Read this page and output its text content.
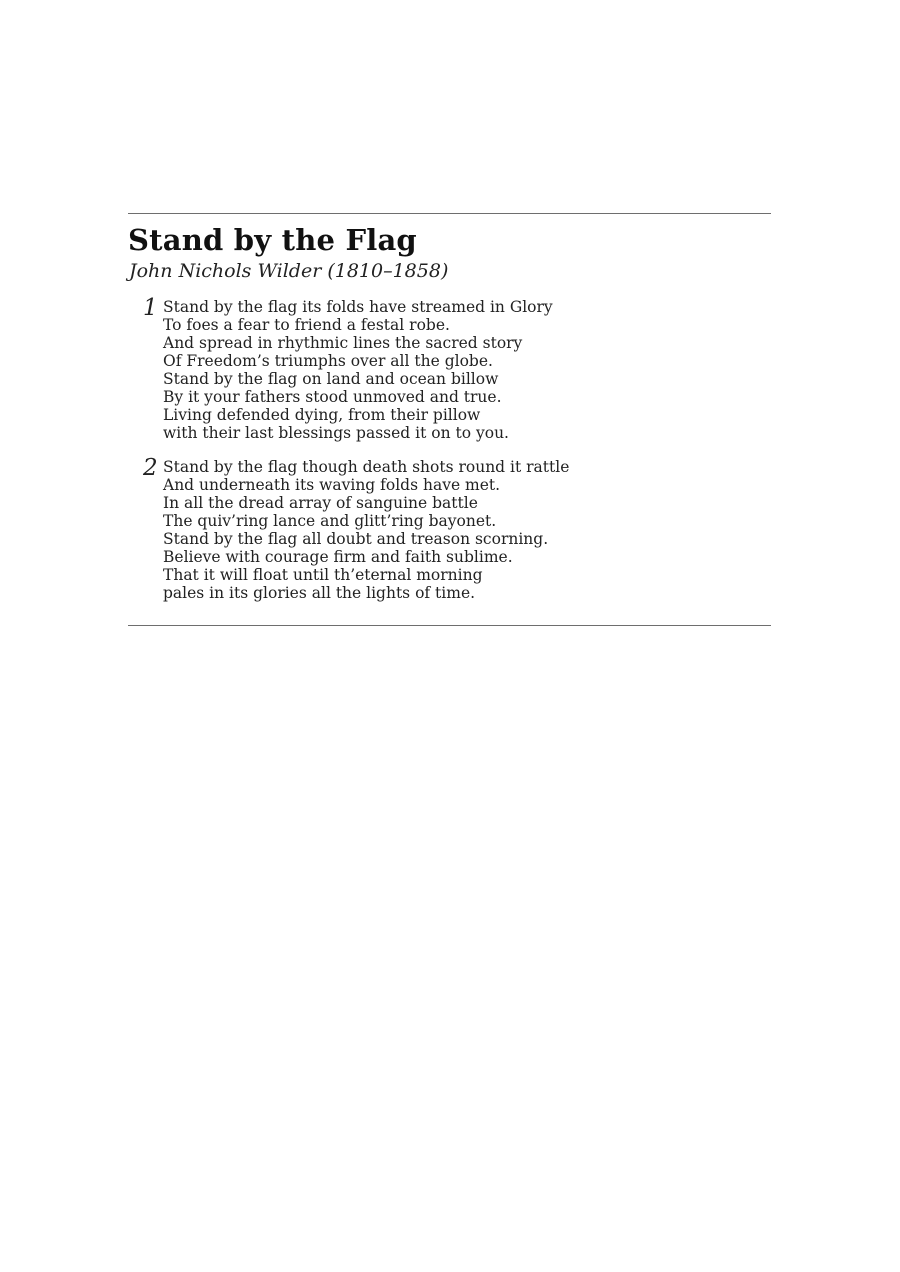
Stand by the Flag

John Nichols Wilder (1810–1858)

1 Stand by the flag its folds have streamed in Glory
To foes a fear to friend a festal robe.
And spread in rhythmic lines the sacred story
Of Freedom’s triumphs over all the globe.
Stand by the flag on land and ocean billow
By it your fathers stood unmoved and true.
Living defended dying, from their pillow
with their last blessings passed it on to you.
2 Stand by the flag though death shots round it rattle
And underneath its waving folds have met.
In all the dread array of sanguine battle
The quiv’ring lance and glitt’ring bayonet.
Stand by the flag all doubt and treason scorning.
Believe with courage firm and faith sublime.
That it will float until th’eternal morning
pales in its glories all the lights of time.
